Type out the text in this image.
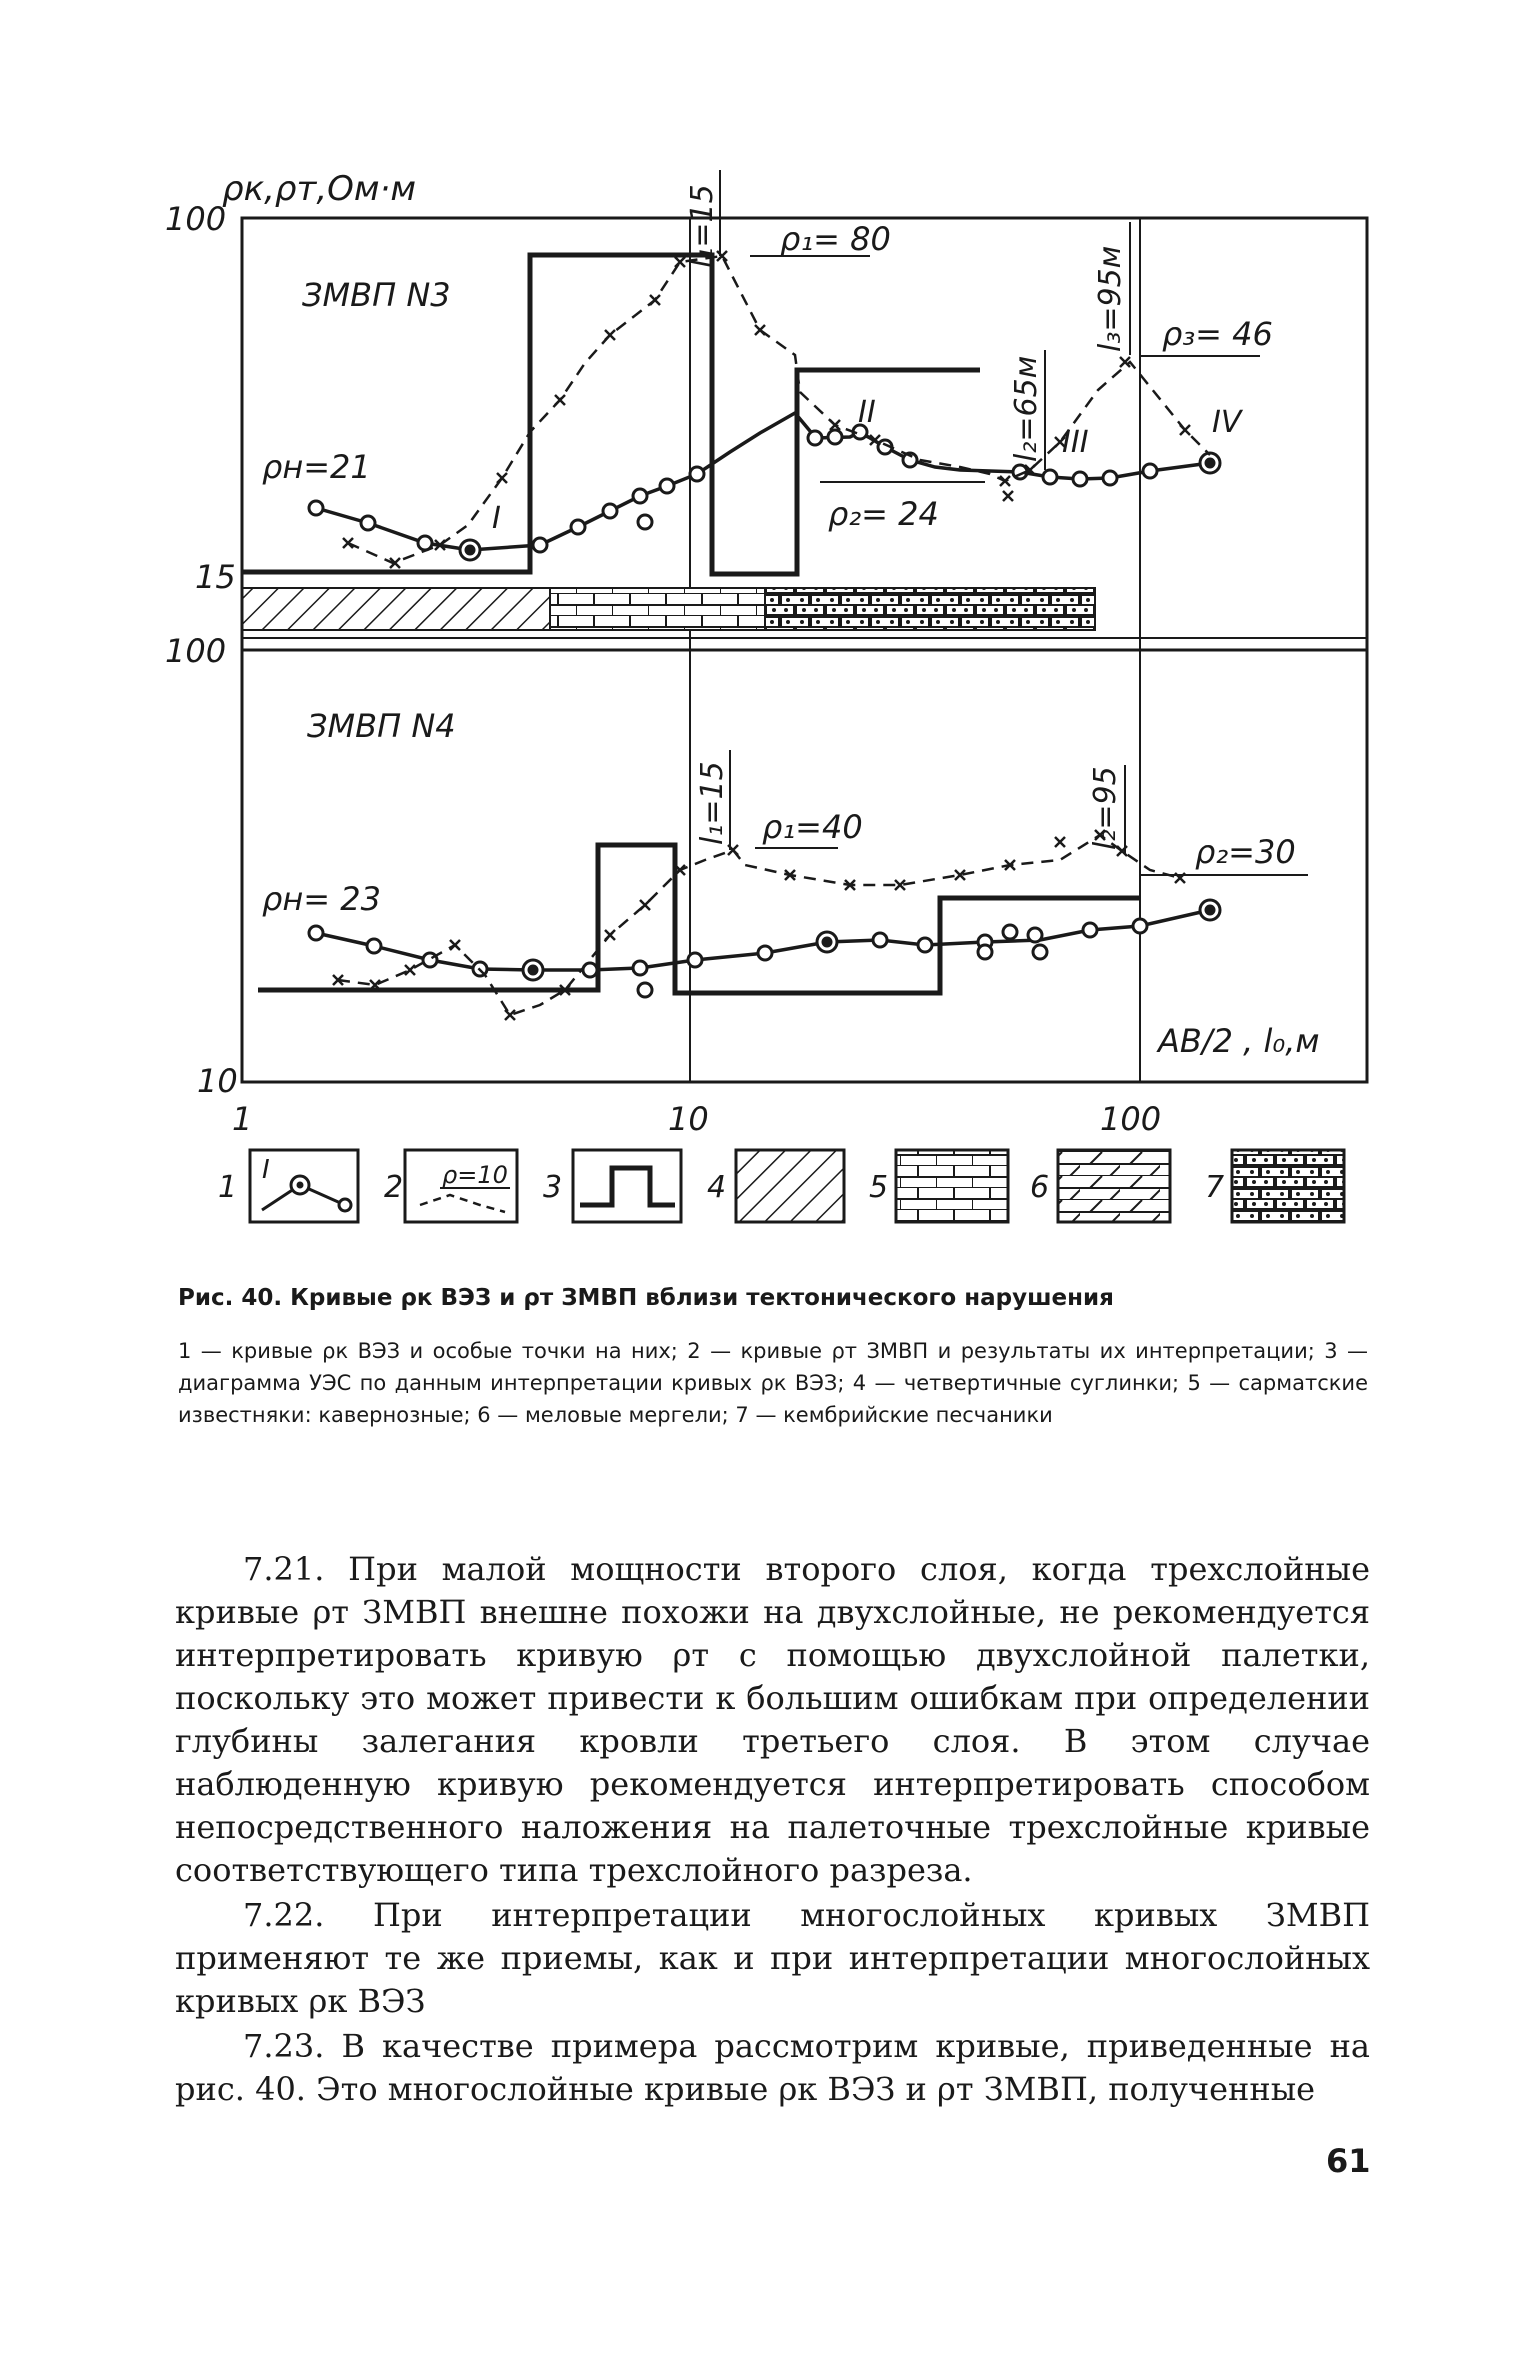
ρк,ρт,Ом·м
100
15
100
10
ЗМВП N3
ρн=21
ρ₁= 80
ρ₂= 24
ρ₃= 46
l₁=15
l₂=65м
l₃=95м
I
II
III
IV
ЗМВП N4
ρн= 23
ρ₁=40
ρ₂=30
l₁=15	l₂=95
AB/2 , l₀,м
1	10	100
1 I	2 ρ=10 3	4	5	6	7
Рис. 40. Кривые ρк ВЭЗ и ρт ЗМВП вблизи тектонического нарушения
1 — кривые ρк ВЭЗ и особые точки на них; 2 — кривые ρт ЗМВП и результаты их интерпретации; 3 — диаграмма УЭС по данным интерпретации кривых ρк ВЭЗ; 4 — четвертичные суглинки; 5 — сарматские известняки: кавернозные; 6 — меловые мергели; 7 — кембрийские песчаники

7.21. При малой мощности второго слоя, когда трехслойные кривые ρт ЗМВП внешне похожи на двухслойные, не рекомендуется интерпретировать кривую ρт с помощью двухслойной палетки, поскольку это может привести к большим ошибкам при определении глубины залегания кровли третьего слоя. В этом случае наблюденную кривую рекомендуется интерпретировать способом непосредственного наложения на палеточные трехслойные кривые соответствующего типа трехслойного разреза.

7.22. При интерпретации многослойных кривых ЗМВП применяют те же приемы, как и при интерпретации многослойных кривых ρк ВЭЗ

7.23. В качестве примера рассмотрим кривые, приведенные на рис. 40. Это многослойные кривые ρк ВЭЗ и ρт ЗМВП, полученные

61
